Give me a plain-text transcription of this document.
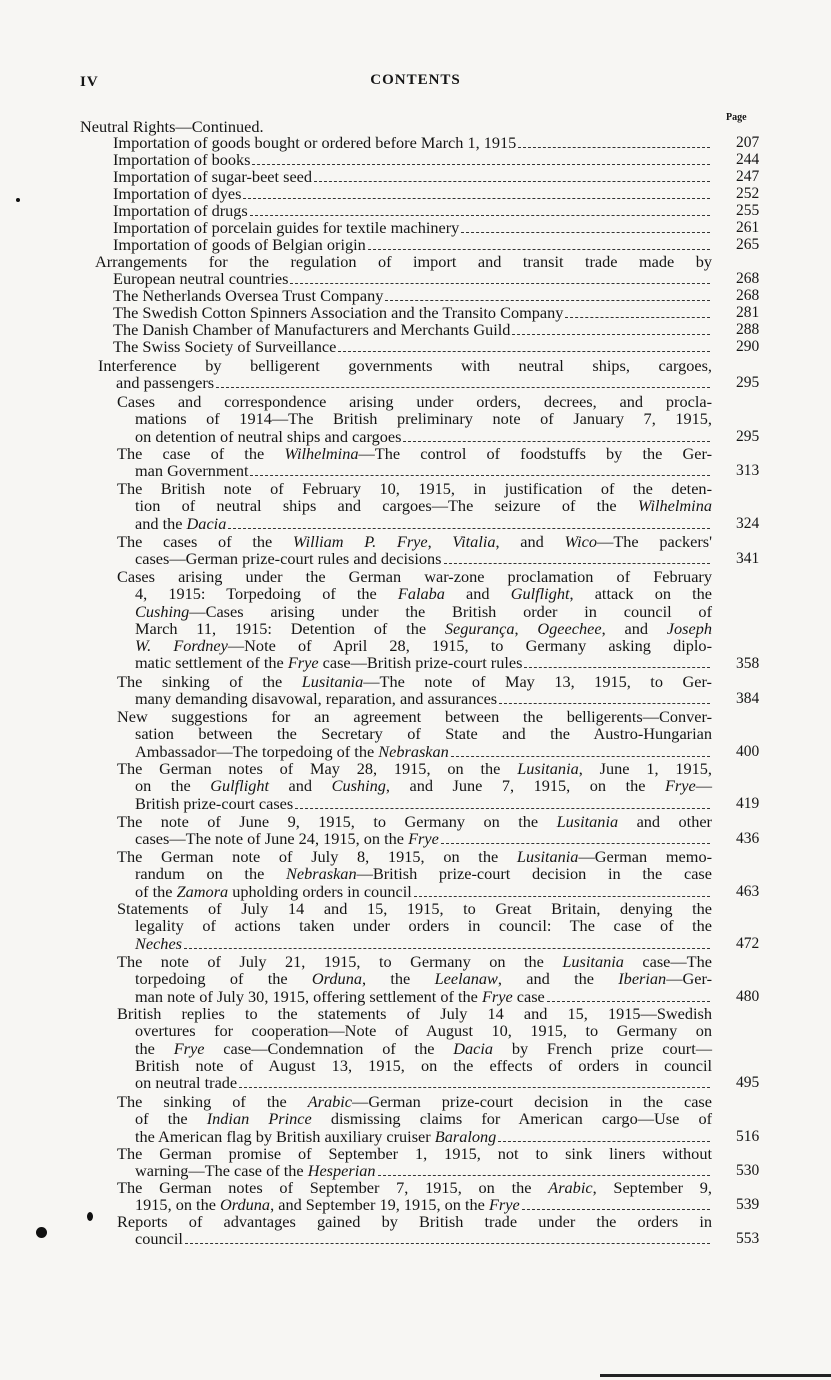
IV	CONTENTS
Page
Neutral Rights—Continued.
Importation of goods bought or ordered before March 1, 1915	207
Importation of books	244
Importation of sugar-beet seed	247
Importation of dyes	252
Importation of drugs	255
Importation of porcelain guides for textile machinery	261
Importation of goods of Belgian origin	265
Arrangements for the regulation of import and transit trade made by
European neutral countries	268
The Netherlands Oversea Trust Company	268
The Swedish Cotton Spinners Association and the Transito Company	281
The Danish Chamber of Manufacturers and Merchants Guild	288
The Swiss Society of Surveillance	290
Interference by belligerent governments with neutral ships, cargoes,
and passengers	295
Cases and correspondence arising under orders, decrees, and procla-
mations of 1914—The British preliminary note of January 7, 1915,
on detention of neutral ships and cargoes	295
The case of the Wilhelmina—The control of foodstuffs by the Ger-
man Government	313
The British note of February 10, 1915, in justification of the deten-
tion of neutral ships and cargoes—The seizure of the Wilhelmina
and the Dacia	324
The cases of the William P. Frye, Vitalia, and Wico—The packers'
cases—German prize-court rules and decisions	341
Cases arising under the German war-zone proclamation of February
4, 1915: Torpedoing of the Falaba and Gulflight, attack on the
Cushing—Cases arising under the British order in council of
March 11, 1915: Detention of the Segurança, Ogeechee, and Joseph
W. Fordney—Note of April 28, 1915, to Germany asking diplo-
matic settlement of the Frye case—British prize-court rules	358
The sinking of the Lusitania—The note of May 13, 1915, to Ger-
many demanding disavowal, reparation, and assurances	384
New suggestions for an agreement between the belligerents—Conver-
sation between the Secretary of State and the Austro-Hungarian
Ambassador—The torpedoing of the Nebraskan	400
The German notes of May 28, 1915, on the Lusitania, June 1, 1915,
on the Gulflight and Cushing, and June 7, 1915, on the Frye—
British prize-court cases	419
The note of June 9, 1915, to Germany on the Lusitania and other
cases—The note of June 24, 1915, on the Frye	436
The German note of July 8, 1915, on the Lusitania—German memo-
randum on the Nebraskan—British prize-court decision in the case
of the Zamora upholding orders in council	463
Statements of July 14 and 15, 1915, to Great Britain, denying the
legality of actions taken under orders in council: The case of the
Neches	472
The note of July 21, 1915, to Germany on the Lusitania case—The
torpedoing of the Orduna, the Leelanaw, and the Iberian—Ger-
man note of July 30, 1915, offering settlement of the Frye case	480
British replies to the statements of July 14 and 15, 1915—Swedish
overtures for cooperation—Note of August 10, 1915, to Germany on
the Frye case—Condemnation of the Dacia by French prize court—
British note of August 13, 1915, on the effects of orders in council
on neutral trade	495
The sinking of the Arabic—German prize-court decision in the case
of the Indian Prince dismissing claims for American cargo—Use of
the American flag by British auxiliary cruiser Baralong	516
The German promise of September 1, 1915, not to sink liners without
warning—The case of the Hesperian	530
The German notes of September 7, 1915, on the Arabic, September 9,
1915, on the Orduna, and September 19, 1915, on the Frye	539
Reports of advantages gained by British trade under the orders in
council	553
